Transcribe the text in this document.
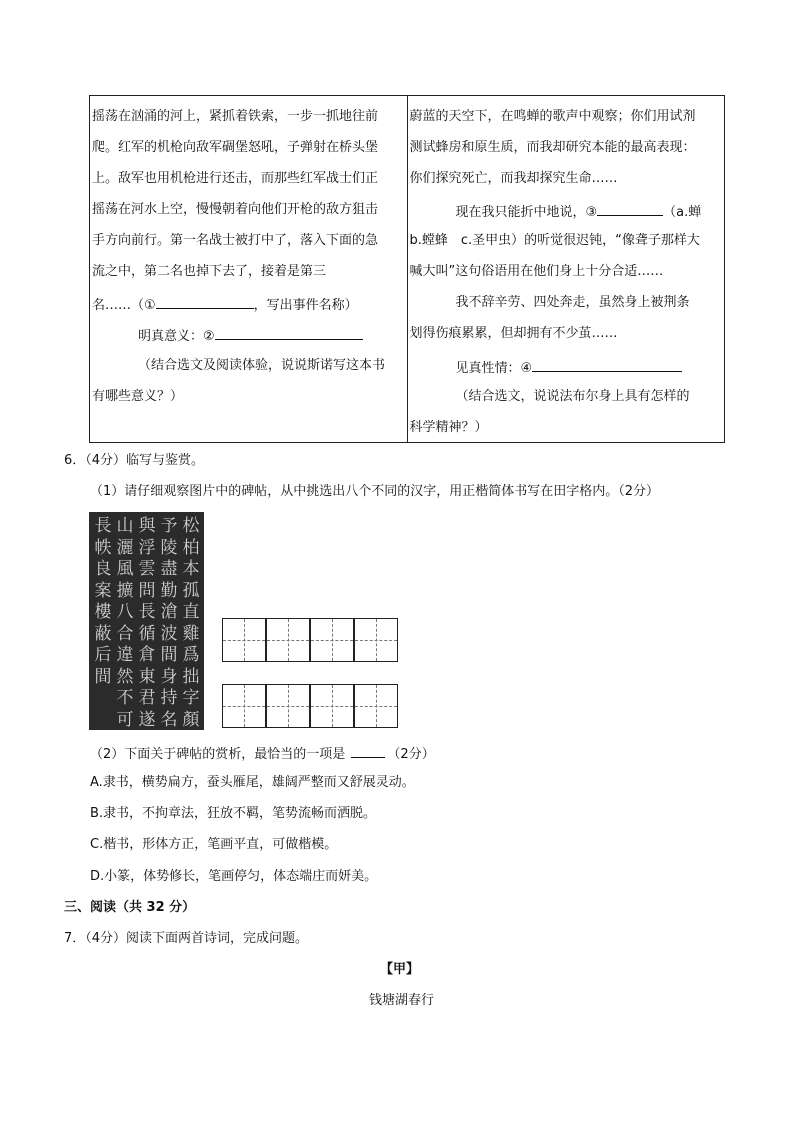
摇荡在汹涌的河上，紧抓着铁索，一步一抓地往前
爬。红军的机枪向敌军碉堡怒吼，子弹射在桥头堡
上。敌军也用机枪进行还击，而那些红军战士们正
摇荡在河水上空，慢慢朝着向他们开枪的敌方狙击
手方向前行。第一名战士被打中了，落入下面的急
流之中，第二名也掉下去了，接着是第三
名……（①	，写出事件名称）
明真意义：②
（结合选文及阅读体验，说说斯诺写这本书
有哪些意义？）

蔚蓝的天空下，在鸣蝉的歌声中观察；你们用试剂
测试蜂房和原生质，而我却研究本能的最高表现：
你们探究死亡，而我却探究生命……
现在我只能折中地说，③	（a.蝉
b.螳蜂　c.圣甲虫）的听觉很迟钝，“像聋子那样大
喊大叫”这句俗语用在他们身上十分合适……
我不辞辛劳、四处奔走，虽然身上被荆条
划得伤痕累累，但却拥有不少茧……
见真性情：④
（结合选文，说说法布尔身上具有怎样的
科学精神？）
6．（4分）临写与鉴赏。
（1）请仔细观察图片中的碑帖，从中挑选出八个不同的汉字，用正楷简体书写在田字格内。（2分）
松
予
與
山
長
柏
陵
浮
灑
帙
本
盡
雲
風
良
孤
勤
問
擴
案
直
滄
長
八
樓
雞
波
循
合
蔽
爲
間
倉
違
后
拙
身
東
然
間
字
持
君
不
顏
名
遂
可
（2）下面关于碑帖的赏析，最恰当的一项是	（2分）
A.隶书，横势扁方，蚕头雁尾，雄阔严整而又舒展灵动。
B.隶书，不拘章法，狂放不羁，笔势流畅而洒脱。
C.楷书，形体方正，笔画平直，可做楷模。
D.小篆，体势修长，笔画停匀，体态端庄而妍美。
三、阅读（共 32 分）
7．（4分）阅读下面两首诗词，完成问题。
【甲】
钱塘湖春行
